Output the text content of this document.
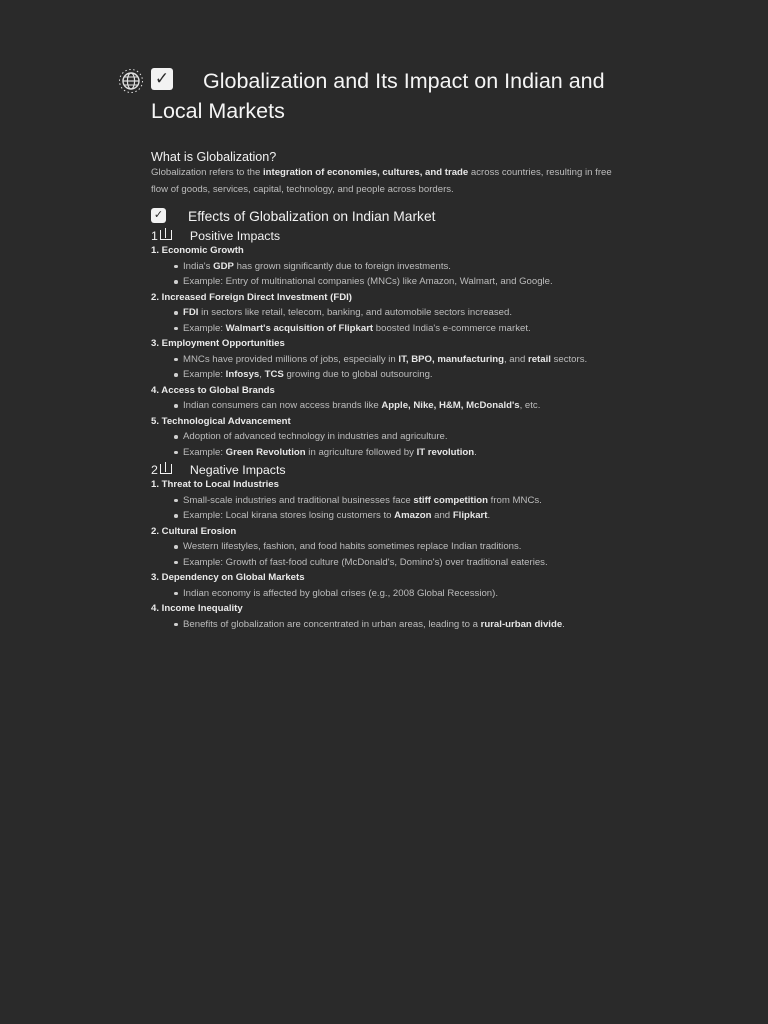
✓ Globalization and Its Impact on Indian and Local Markets
What is Globalization?

Globalization refers to the integration of economies, cultures, and trade across countries, resulting in free flow of goods, services, capital, technology, and people across borders.

✓ Effects of Globalization on Indian Market
1	Positive Impacts

1. Economic Growth

India's GDP has grown significantly due to foreign investments.
Example: Entry of multinational companies (MNCs) like Amazon, Walmart, and Google.

2. Increased Foreign Direct Investment (FDI)

FDI in sectors like retail, telecom, banking, and automobile sectors increased.
Example: Walmart's acquisition of Flipkart boosted India's e-commerce market.

3. Employment Opportunities

MNCs have provided millions of jobs, especially in IT, BPO, manufacturing, and retail sectors.
Example: Infosys, TCS growing due to global outsourcing.

4. Access to Global Brands

Indian consumers can now access brands like Apple, Nike, H&M, McDonald's, etc.

5. Technological Advancement

Adoption of advanced technology in industries and agriculture.
Example: Green Revolution in agriculture followed by IT revolution.
2	Negative Impacts

1. Threat to Local Industries

Small-scale industries and traditional businesses face stiff competition from MNCs.
Example: Local kirana stores losing customers to Amazon and Flipkart.

2. Cultural Erosion

Western lifestyles, fashion, and food habits sometimes replace Indian traditions.
Example: Growth of fast-food culture (McDonald's, Domino's) over traditional eateries.

3. Dependency on Global Markets

Indian economy is affected by global crises (e.g., 2008 Global Recession).

4. Income Inequality

Benefits of globalization are concentrated in urban areas, leading to a rural-urban divide.
